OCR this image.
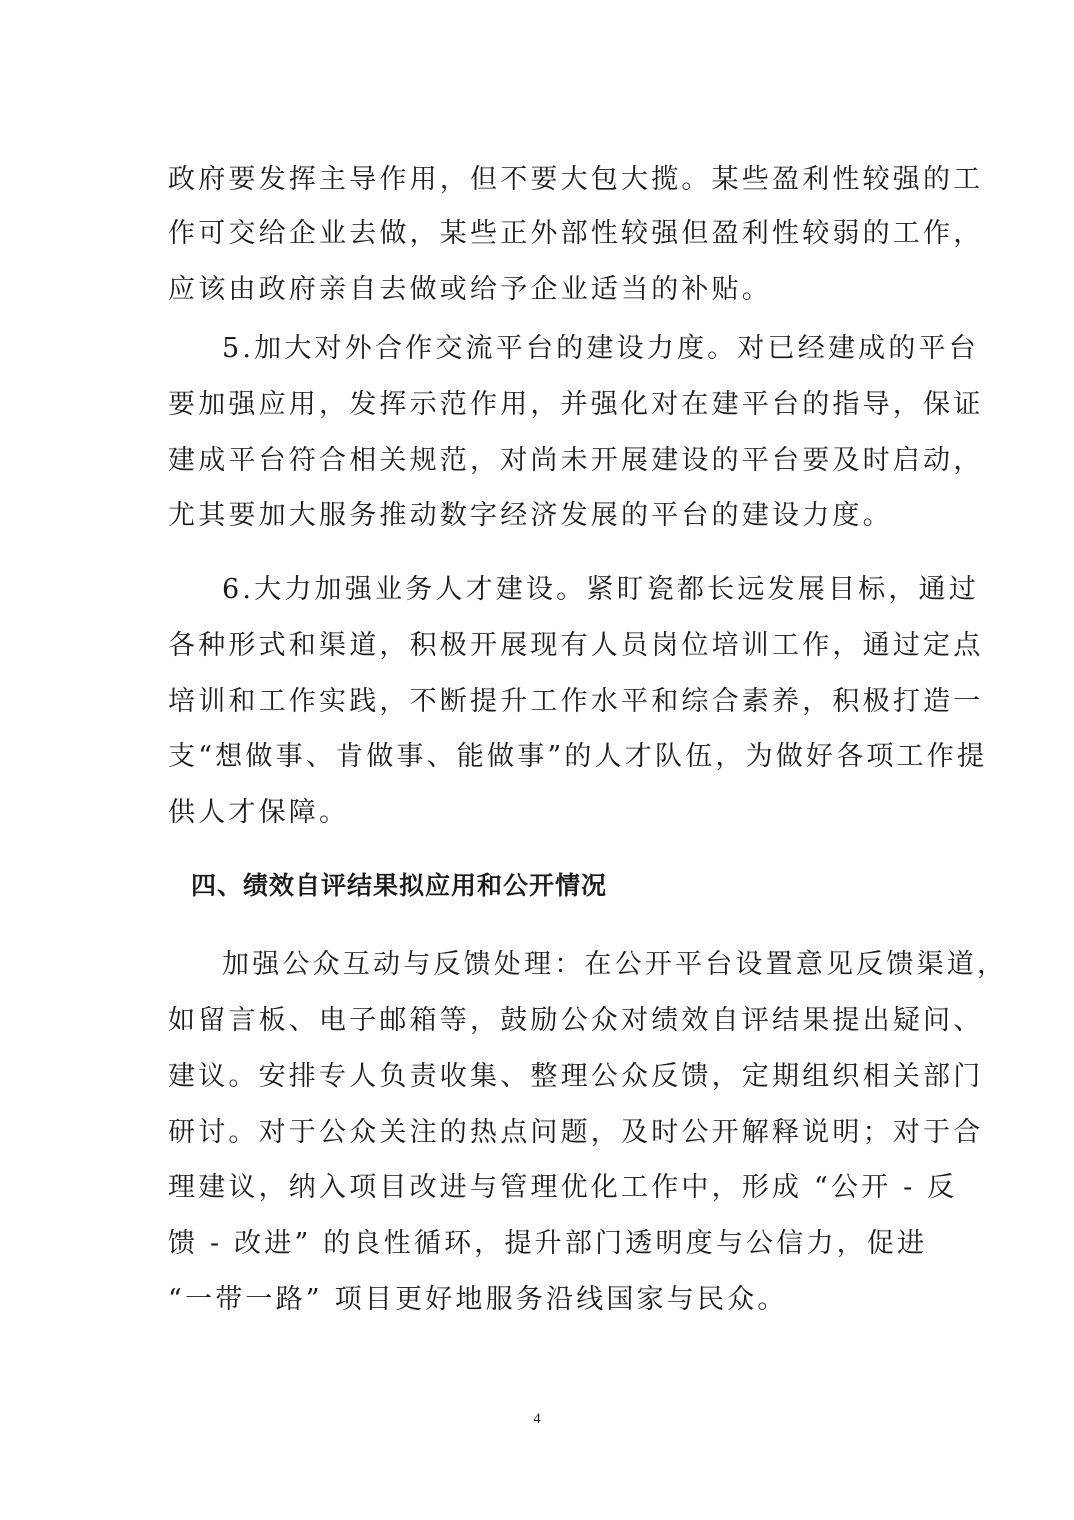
政府要发挥主导作用，但不要大包大揽。某些盈利性较强的工
作可交给企业去做，某些正外部性较强但盈利性较弱的工作，
应该由政府亲自去做或给予企业适当的补贴。
5.加大对外合作交流平台的建设力度。对已经建成的平台
要加强应用，发挥示范作用，并强化对在建平台的指导，保证
建成平台符合相关规范，对尚未开展建设的平台要及时启动，
尤其要加大服务推动数字经济发展的平台的建设力度。
6.大力加强业务人才建设。紧盯瓷都长远发展目标，通过
各种形式和渠道，积极开展现有人员岗位培训工作，通过定点
培训和工作实践，不断提升工作水平和综合素养，积极打造一
支“想做事、肯做事、能做事”的人才队伍，为做好各项工作提
供人才保障。
四、绩效自评结果拟应用和公开情况
加强公众互动与反馈处理：在公开平台设置意见反馈渠道，
如留言板、电子邮箱等，鼓励公众对绩效自评结果提出疑问、
建议。安排专人负责收集、整理公众反馈，定期组织相关部门
研讨。对于公众关注的热点问题，及时公开解释说明；对于合
理建议，纳入项目改进与管理优化工作中，形成 “公开 - 反
馈 - 改进” 的良性循环，提升部门透明度与公信力，促进
“一带一路” 项目更好地服务沿线国家与民众。
4
